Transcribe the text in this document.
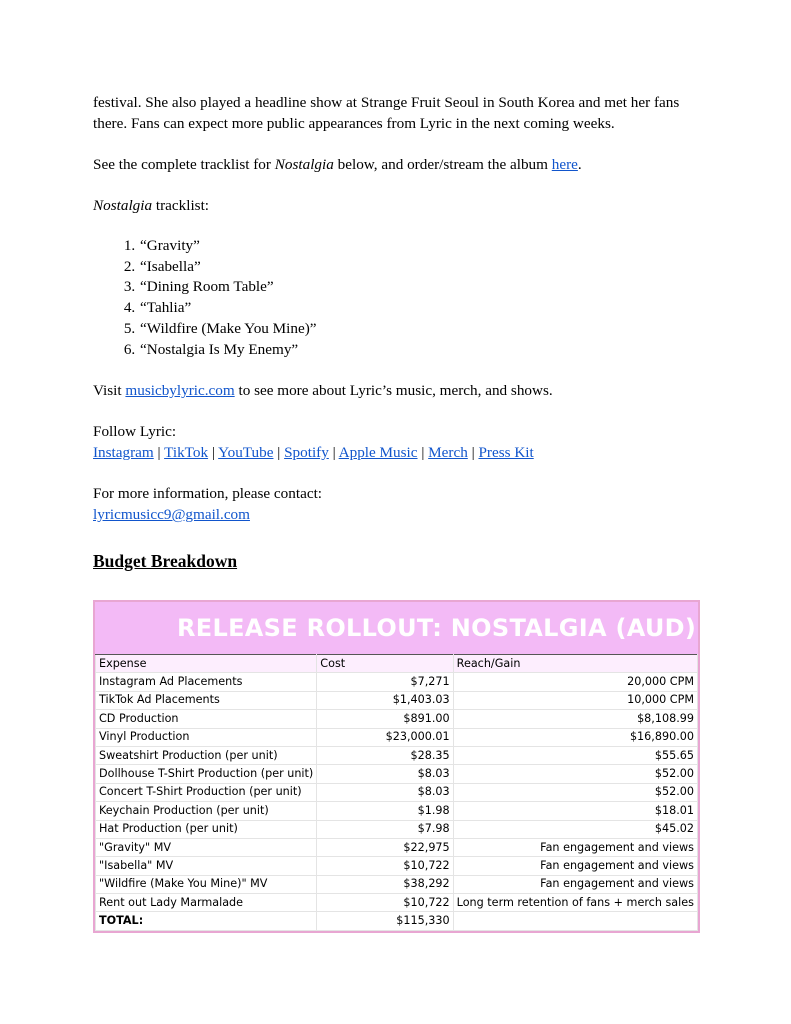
festival. She also played a headline show at Strange Fruit Seoul in South Korea and met her fans
there. Fans can expect more public appearances from Lyric in the next coming weeks.

See the complete tracklist for Nostalgia below, and order/stream the album here.

Nostalgia tracklist:

1. “Gravity”
2. “Isabella”
3. “Dining Room Table”
4. “Tahlia”
5. “Wildfire (Make You Mine)”
6. “Nostalgia Is My Enemy”

Visit musicbylyric.com to see more about Lyric’s music, merch, and shows.

Follow Lyric:
Instagram | TikTok | YouTube | Spotify | Apple Music | Merch | Press Kit

For more information, please contact:
lyricmusicc9@gmail.com

Budget Breakdown
RELEASE ROLLOUT: NOSTALGIA (AUD)
Expense	Cost	Reach/Gain
Instagram Ad Placements	$7,271	20,000 CPM
TikTok Ad Placements	$1,403.03	10,000 CPM
CD Production	$891.00	$8,108.99
Vinyl Production	$23,000.01	$16,890.00
Sweatshirt Production (per unit)	$28.35	$55.65
Dollhouse T-Shirt Production (per unit)	$8.03	$52.00
Concert T-Shirt Production (per unit)	$8.03	$52.00
Keychain Production (per unit)	$1.98	$18.01
Hat Production (per unit)	$7.98	$45.02
"Gravity" MV	$22,975	Fan engagement and views
"Isabella" MV	$10,722	Fan engagement and views
"Wildfire (Make You Mine)" MV	$38,292	Fan engagement and views
Rent out Lady Marmalade	$10,722	Long term retention of fans + merch sales
TOTAL:	$115,330	
